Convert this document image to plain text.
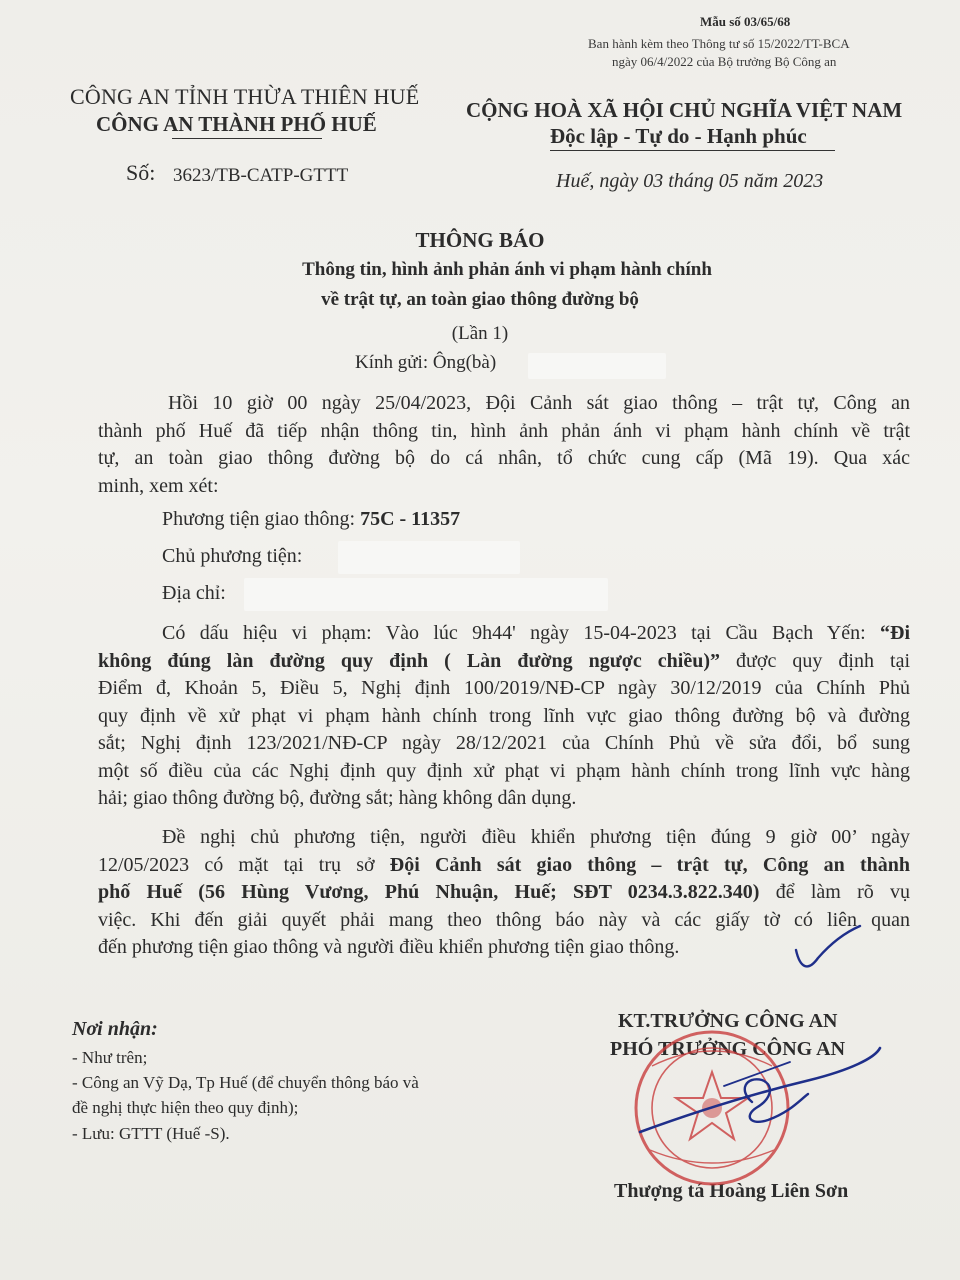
Mẫu số 03/65/68
Ban hành kèm theo Thông tư số 15/2022/TT-BCA
ngày 06/4/2022 của Bộ trưởng Bộ Công an
CÔNG AN TỈNH THỪA THIÊN HUẾ
CÔNG AN THÀNH PHỐ HUẾ
Số: 3623/TB-CATP-GTTT
CỘNG HOÀ XÃ HỘI CHỦ NGHĨA VIỆT NAM
Độc lập - Tự do - Hạnh phúc
Huế, ngày 03 tháng 05 năm 2023
THÔNG BÁO
Thông tin, hình ảnh phản ánh vi phạm hành chính
về trật tự, an toàn giao thông đường bộ
(Lần 1)
Kính gửi: Ông(bà)
Hồi 10 giờ 00 ngày 25/04/2023, Đội Cảnh sát giao thông – trật tự, Công an
thành phố Huế đã tiếp nhận thông tin, hình ảnh phản ánh vi phạm hành chính về trật
tự, an toàn giao thông đường bộ do cá nhân, tổ chức cung cấp (Mã 19). Qua xác
minh, xem xét:
Phương tiện giao thông: 75C - 11357
Chủ phương tiện:
Địa chỉ:
Có dấu hiệu vi phạm: Vào lúc 9h44' ngày 15-04-2023 tại Cầu Bạch Yến: “Đi
không đúng làn đường quy định ( Làn đường ngược chiều)” được quy định tại
Điểm đ, Khoản 5, Điều 5, Nghị định 100/2019/NĐ-CP ngày 30/12/2019 của Chính Phủ
quy định về xử phạt vi phạm hành chính trong lĩnh vực giao thông đường bộ và đường
sắt; Nghị định 123/2021/NĐ-CP ngày 28/12/2021 của Chính Phủ về sửa đổi, bổ sung
một số điều của các Nghị định quy định xử phạt vi phạm hành chính trong lĩnh vực hàng
hải; giao thông đường bộ, đường sắt; hàng không dân dụng.
Đề nghị chủ phương tiện, người điều khiển phương tiện đúng 9 giờ 00’ ngày
12/05/2023 có mặt tại trụ sở Đội Cảnh sát giao thông – trật tự, Công an thành
phố Huế (56 Hùng Vương, Phú Nhuận, Huế; SĐT 0234.3.822.340) để làm rõ vụ
việc. Khi đến giải quyết phải mang theo thông báo này và các giấy tờ có liên quan
đến phương tiện giao thông và người điều khiển phương tiện giao thông.
Nơi nhận:
- Như trên;
- Công an Vỹ Dạ, Tp Huế (để chuyển thông báo và
đề nghị thực hiện theo quy định);
- Lưu: GTTT (Huế -S).
KT.TRƯỞNG CÔNG AN
PHÓ TRƯỞNG CÔNG AN
Thượng tá Hoàng Liên Sơn
